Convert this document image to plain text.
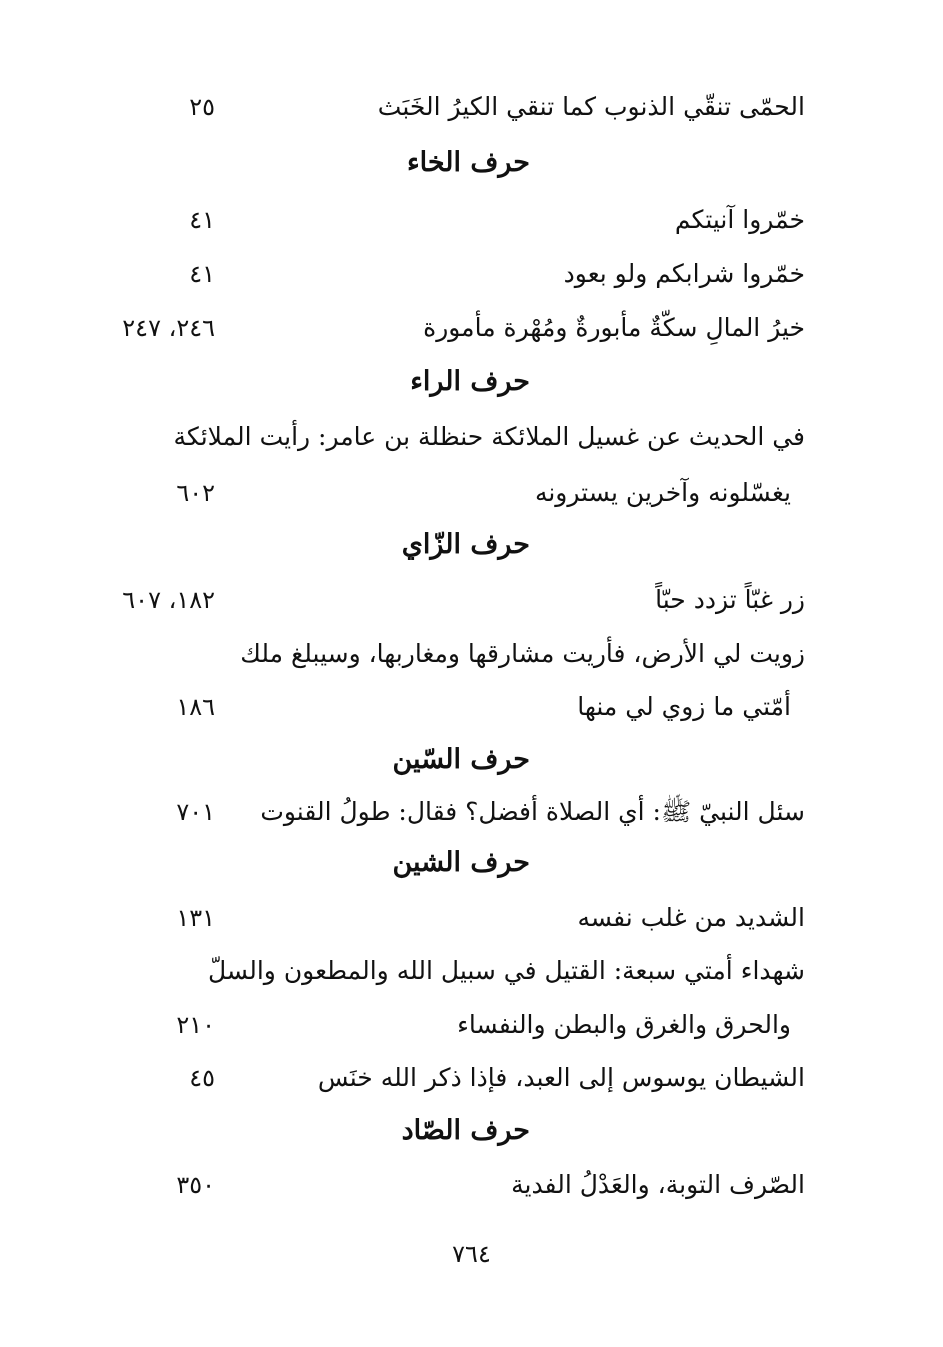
الحمّى تنقّي الذنوب كما تنقي الكيرُ الخَبَث
٢٥
حرف الخاء
خمّروا آنيتكم
٤١
خمّروا شرابكم ولو بعود
٤١
خيرُ المالِ سكّةٌ مأبورةٌ ومُهْرة مأمورة
٢٤٦، ٢٤٧
حرف الراء
في الحديث عن غسيل الملائكة حنظلة بن عامر: رأيت الملائكة
يغسّلونه وآخرين يسترونه
٦٠٢
حرف الزّاي
زر غبّاً تزدد حبّاً
١٨٢، ٦٠٧
زويت لي الأرض، فأريت مشارقها ومغاربها، وسيبلغ ملك
أمّتي ما زوي لي منها
١٨٦
حرف السّين
سئل النبيّ ﷺ: أي الصلاة أفضل؟ فقال: طولُ القنوت
٧٠١
حرف الشين
الشديد من غلب نفسه
١٣١
شهداء أمتي سبعة: القتيل في سبيل الله والمطعون والسلّ
والحرق والغرق والبطن والنفساء
٢١٠
الشيطان يوسوس إلى العبد، فإذا ذكر الله خنَس
٤٥
حرف الصّاد
الصّرف التوبة، والعَدْلُ الفدية
٣٥٠
٧٦٤
